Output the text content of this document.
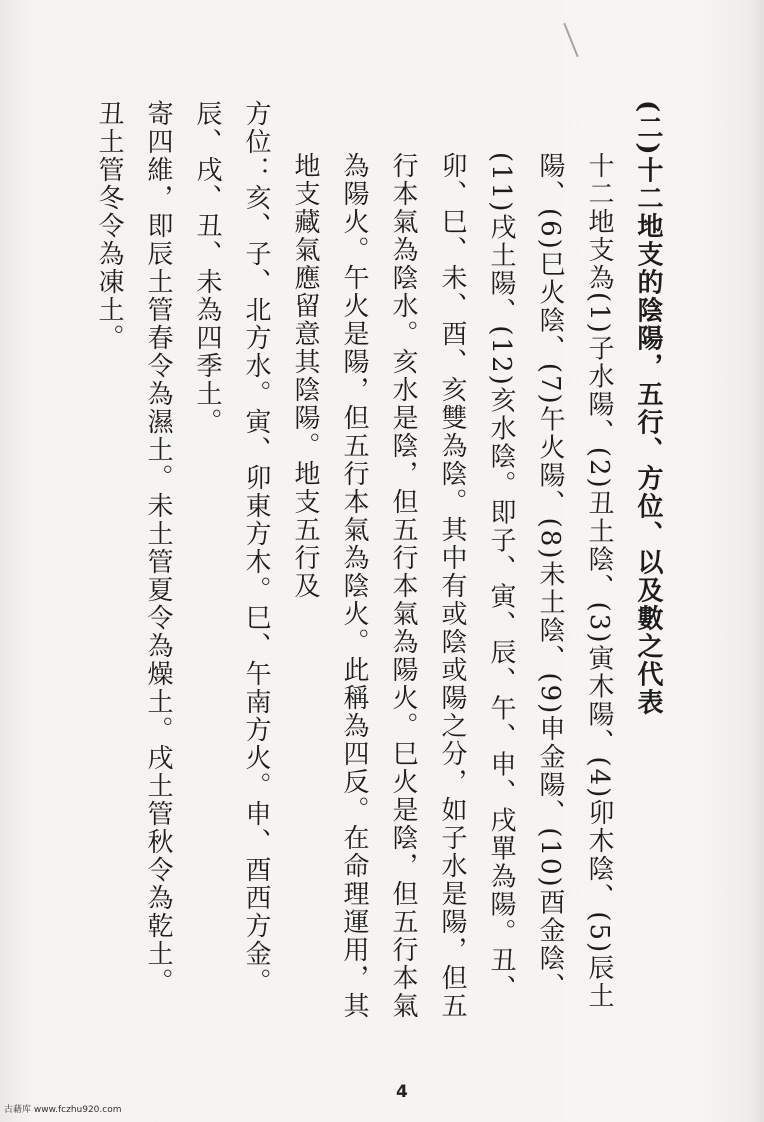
(二)十二地支的陰陽，五行、方位、以及數之代表

十二地支為(1)子水陽、(2)丑土陰、(3)寅木陽、(4)卯木陰、(5)辰土陽、(6)巳火陰、(7)午火陽、(8)未土陰、(9)申金陽、(10)酉金陰、(11)戌土陽、(12)亥水陰。即子、寅、辰、午、申、戌單為陽。丑、卯、巳、未、酉、亥雙為陰。其中有或陰或陽之分，如子水是陽，但五行本氣為陰水。亥水是陰，但五行本氣為陽火。巳火是陰，但五行本氣為陽火。午火是陽，但五行本氣為陰火。此稱為四反。在命理運用，其地支藏氣應留意其陰陽。地支五行及

方位：亥、子、北方水。寅、卯東方木。巳、午南方火。申、酉西方金。辰、戌、丑、未為四季土。

寄四維，即辰土管春令為濕土。未土管夏令為燥土。戌土管秋令為乾土。丑土管冬令為凍土。

4
古藉库 www.fczhu920.com
